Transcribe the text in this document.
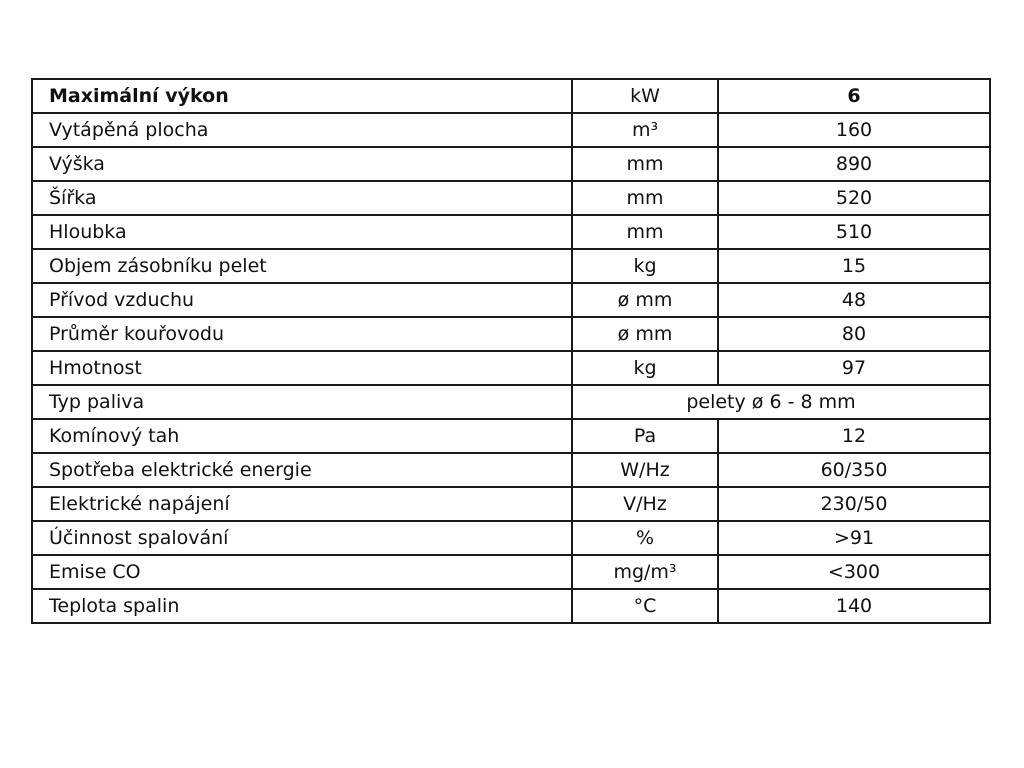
Maximální výkon	kW	6
Vytápěná plocha	m³	160
Výška	mm	890
Šířka	mm	520
Hloubka	mm	510
Objem zásobníku pelet	kg	15
Přívod vzduchu	ø mm	48
Průměr kouřovodu	ø mm	80
Hmotnost	kg	97
Typ paliva	pelety ø 6 - 8 mm	
Komínový tah	Pa	12
Spotřeba elektrické energie	W/Hz	60/350
Elektrické napájení	V/Hz	230/50
Účinnost spalování	%	>91
Emise CO	mg/m³	<300
Teplota spalin	°C	140
